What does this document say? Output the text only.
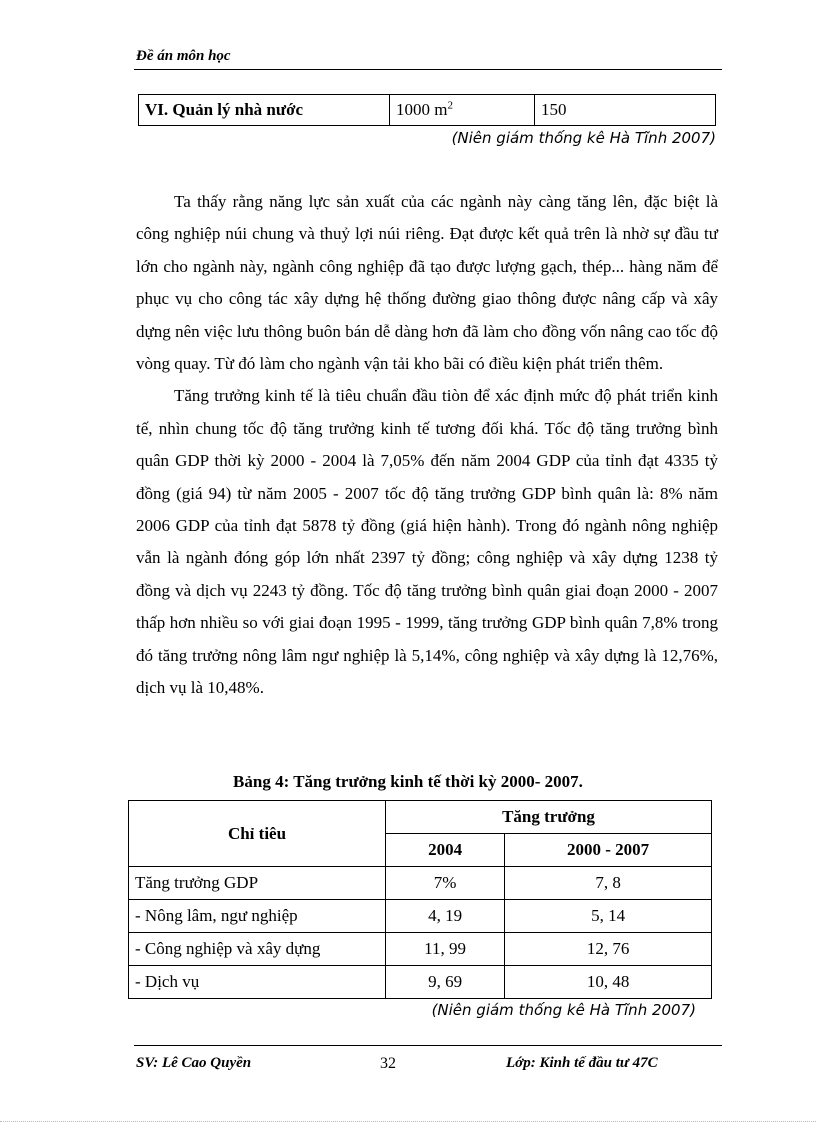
Đề án môn học
VI. Quản lý nhà nước	1000 $m^2$	150
(Niên giám thống kê Hà Tĩnh 2007)

Ta thấy rằng năng lực sản xuất của các ngành này càng tăng lên, đặc biệt là công nghiệp núi chung và thuỷ lợi núi riêng. Đạt được kết quả trên là nhờ sự đầu tư lớn cho ngành này, ngành công nghiệp đã tạo được lượng gạch, thép... hàng năm để phục vụ cho công tác xây dựng hệ thống đường giao thông được nâng cấp và xây dựng nên việc lưu thông buôn bán dễ dàng hơn đã làm cho đồng vốn nâng cao tốc độ vòng quay. Từ đó làm cho ngành vận tải kho bãi có điều kiện phát triển thêm.

Tăng trưởng kinh tế là tiêu chuẩn đầu tiòn để xác định mức độ phát triển kinh tế, nhìn chung tốc độ tăng trưởng kinh tế tương đối khá. Tốc độ tăng trưởng bình quân GDP thời kỳ 2000 - 2004 là 7,05% đến năm 2004 GDP của tỉnh đạt 4335 tỷ đồng (giá 94) từ năm 2005 - 2007 tốc độ tăng trưởng GDP bình quân là: 8% năm 2006 GDP của tỉnh đạt 5878 tỷ đồng (giá hiện hành). Trong đó ngành nông nghiệp vẫn là ngành đóng góp lớn nhất 2397 tỷ đồng; công nghiệp và xây dựng 1238 tỷ đồng và dịch vụ 2243 tỷ đồng. Tốc độ tăng trưởng bình quân giai đoạn 2000 - 2007 thấp hơn nhiều so với giai đoạn 1995 - 1999, tăng trưởng GDP bình quân 7,8% trong đó tăng trưởng nông lâm ngư nghiệp là 5,14%, công nghiệp và xây dựng là 12,76%, dịch vụ là 10,48%.

Bảng 4: Tăng trưởng kinh tế thời kỳ 2000- 2007.
Chỉ tiêu	Tăng trưởng	
	2004	2000 - 2007
Tăng trưởng GDP	7%	7, 8
- Nông lâm, ngư nghiệp	4, 19	5, 14
- Công nghiệp và xây dựng	11, 99	12, 76
- Dịch vụ	9, 69	10, 48
(Niên giám thống kê Hà Tĩnh 2007)
SV: Lê Cao Quyền	32	Lớp: Kinh tế đầu tư 47C
